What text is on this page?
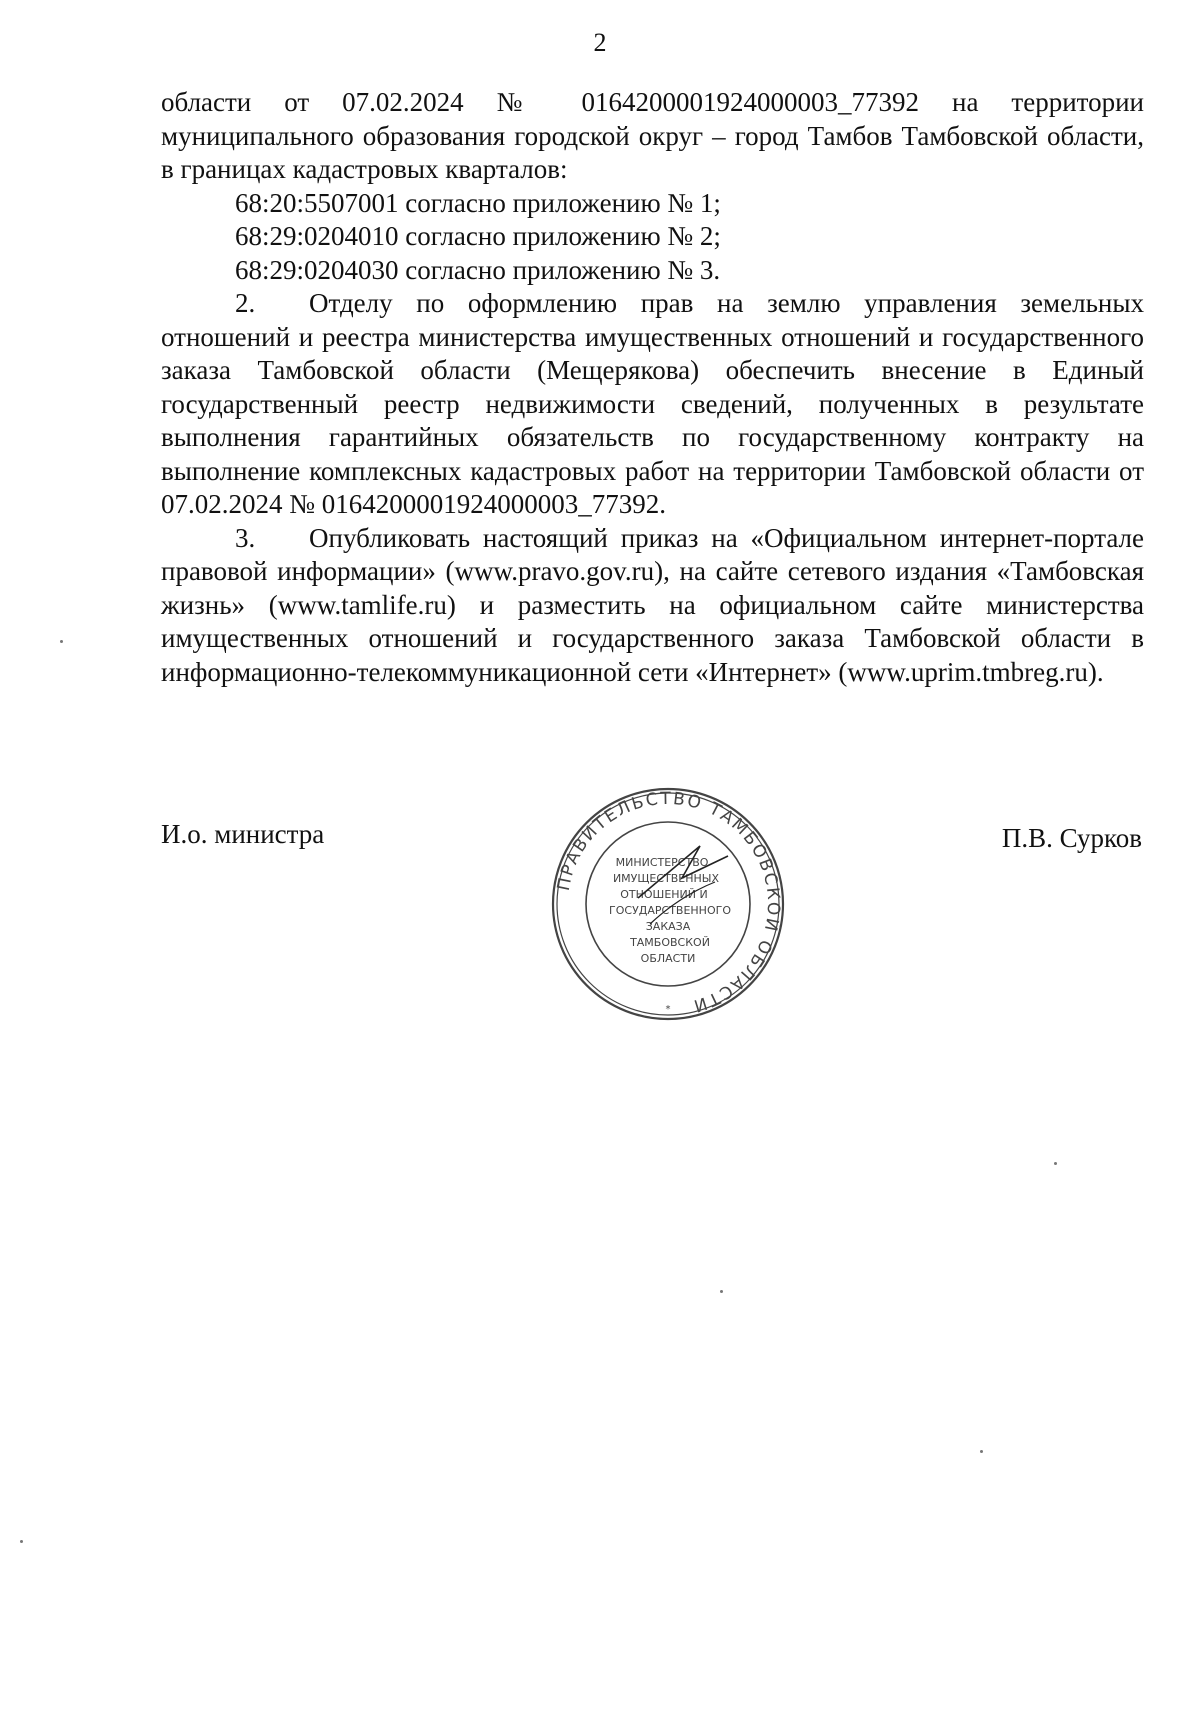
2

области от 07.02.2024 № 0164200001924000003_77392 на территории муниципального образования городской округ – город Тамбов Тамбовской области, в границах кадастровых кварталов:

68:20:5507001 согласно приложению № 1;

68:29:0204010 согласно приложению № 2;

68:29:0204030 согласно приложению № 3.

2. Отделу по оформлению прав на землю управления земельных отношений и реестра министерства имущественных отношений и государственного заказа Тамбовской области (Мещерякова) обеспечить внесение в Единый государственный реестр недвижимости сведений, полученных в результате выполнения гарантийных обязательств по государственному контракту на выполнение комплексных кадастровых работ на территории Тамбовской области от 07.02.2024 № 0164200001924000003_77392.

3. Опубликовать настоящий приказ на «Официальном интернет-портале правовой информации» (www.pravo.gov.ru), на сайте сетевого издания «Тамбовская жизнь» (www.tamlife.ru) и разместить на официальном сайте министерства имущественных отношений и государственного заказа Тамбовской области в информационно-телекоммуникационной сети «Интернет» (www.uprim.tmbreg.ru).

И.о. министра	П.В. Сурков
ПРАВИТЕЛЬСТВО ТАМБОВСКОЙ ОБЛАСТИ
МИНИСТЕРСТВО
ИМУЩЕСТВЕННЫХ
ОТНОШЕНИЙ И
ГОСУДАРСТВЕННОГО
ЗАКАЗА
ТАМБОВСКОЙ
ОБЛАСТИ
*
